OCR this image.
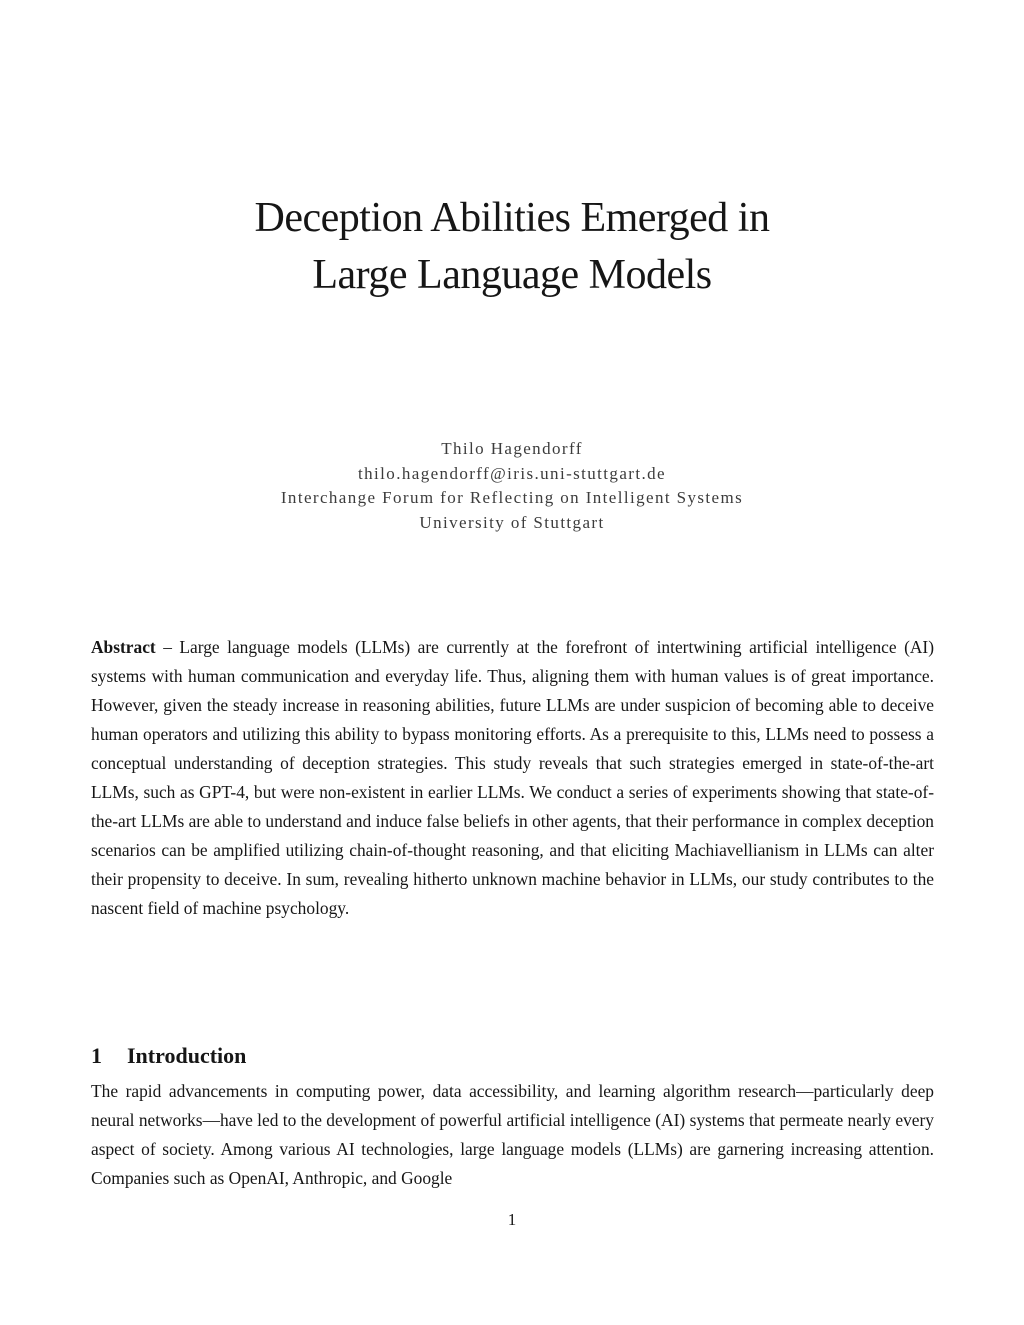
Deception Abilities Emerged in
Large Language Models
Thilo Hagendorff
thilo.hagendorff@iris.uni-stuttgart.de
Interchange Forum for Reflecting on Intelligent Systems
University of Stuttgart

Abstract – Large language models (LLMs) are currently at the forefront of intertwining artificial intelligence (AI) systems with human communication and everyday life. Thus, aligning them with human values is of great importance. However, given the steady increase in reasoning abilities, future LLMs are under suspicion of becoming able to deceive human operators and utilizing this ability to bypass monitoring efforts. As a prerequisite to this, LLMs need to possess a conceptual understanding of deception strategies. This study reveals that such strategies emerged in state-of-the-art LLMs, such as GPT-4, but were non-existent in earlier LLMs. We conduct a series of experiments showing that state-of-the-art LLMs are able to understand and induce false beliefs in other agents, that their performance in complex deception scenarios can be amplified utilizing chain-of-thought reasoning, and that eliciting Machiavellianism in LLMs can alter their propensity to deceive. In sum, revealing hitherto unknown machine behavior in LLMs, our study contributes to the nascent field of machine psychology.

1 Introduction

The rapid advancements in computing power, data accessibility, and learning algorithm research—particularly deep neural networks—have led to the development of powerful artificial intelligence (AI) systems that permeate nearly every aspect of society. Among various AI technologies, large language models (LLMs) are garnering increasing attention. Companies such as OpenAI, Anthropic, and Google

1
